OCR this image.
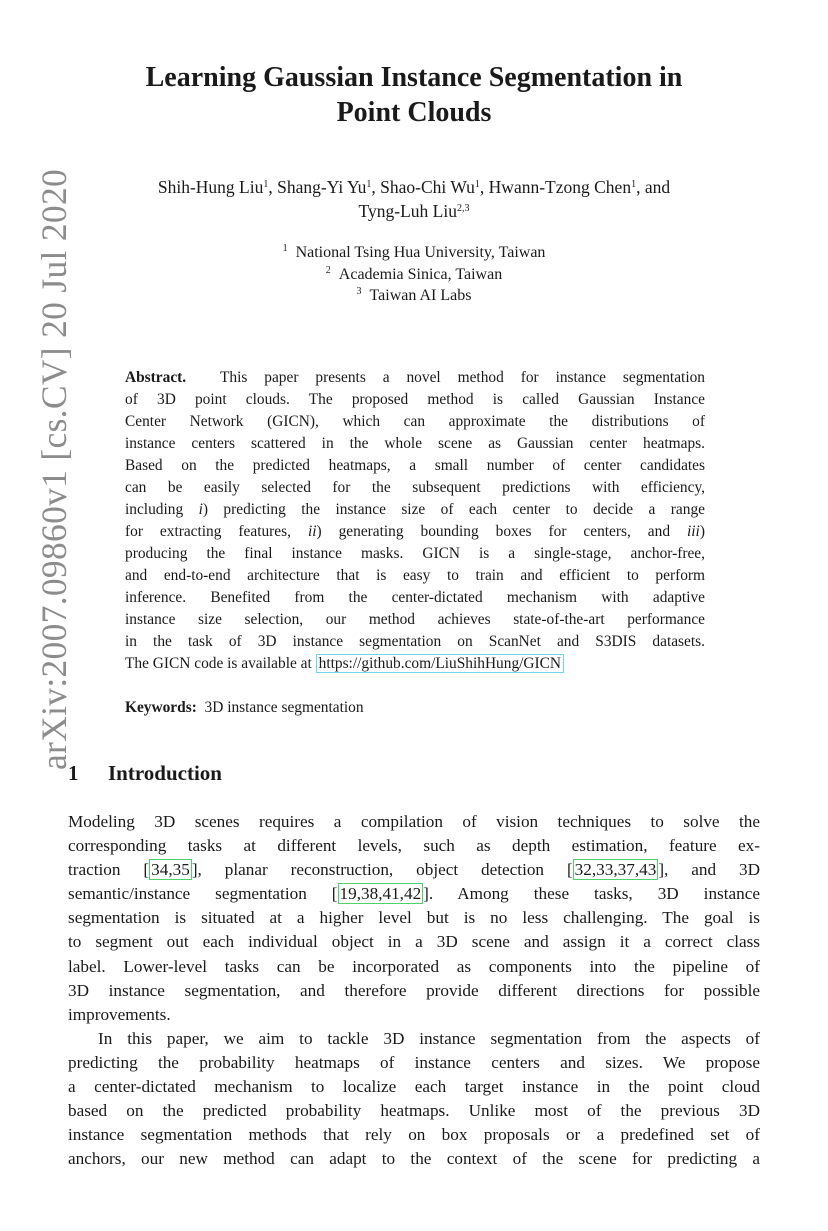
arXiv:2007.09860v1 [cs.CV] 20 Jul 2020
Learning Gaussian Instance Segmentation in
Point Clouds
Shih-Hung Liu$^1$, Shang-Yi Yu$^1$, Shao-Chi Wu$^1$, Hwann-Tzong Chen$^1$, and
Tyng-Luh Liu$^{2,3}$
$^1$ National Tsing Hua University, Taiwan
$^2$ Academia Sinica, Taiwan
$^3$ Taiwan AI Labs
Abstract. This paper presents a novel method for instance segmentation
of 3D point clouds. The proposed method is called Gaussian Instance
Center Network (GICN), which can approximate the distributions of
instance centers scattered in the whole scene as Gaussian center heatmaps.
Based on the predicted heatmaps, a small number of center candidates
can be easily selected for the subsequent predictions with efficiency,
including i) predicting the instance size of each center to decide a range
for extracting features, ii) generating bounding boxes for centers, and iii)
producing the final instance masks. GICN is a single-stage, anchor-free,
and end-to-end architecture that is easy to train and efficient to perform
inference. Benefited from the center-dictated mechanism with adaptive
instance size selection, our method achieves state-of-the-art performance
in the task of 3D instance segmentation on ScanNet and S3DIS datasets.
The GICN code is available at https://github.com/LiuShihHung/GICN
Keywords: 3D instance segmentation
1 Introduction
Modeling 3D scenes requires a compilation of vision techniques to solve the
corresponding tasks at different levels, such as depth estimation, feature ex-
traction [ 34,35 ], planar reconstruction, object detection [ 32,33,37,43 ], and 3D
semantic/instance segmentation [ 19,38,41,42 ]. Among these tasks, 3D instance
segmentation is situated at a higher level but is no less challenging. The goal is
to segment out each individual object in a 3D scene and assign it a correct class
label. Lower-level tasks can be incorporated as components into the pipeline of
3D instance segmentation, and therefore provide different directions for possible
improvements.
In this paper, we aim to tackle 3D instance segmentation from the aspects of
predicting the probability heatmaps of instance centers and sizes. We propose
a center-dictated mechanism to localize each target instance in the point cloud
based on the predicted probability heatmaps. Unlike most of the previous 3D
instance segmentation methods that rely on box proposals or a predefined set of
anchors, our new method can adapt to the context of the scene for predicting a
